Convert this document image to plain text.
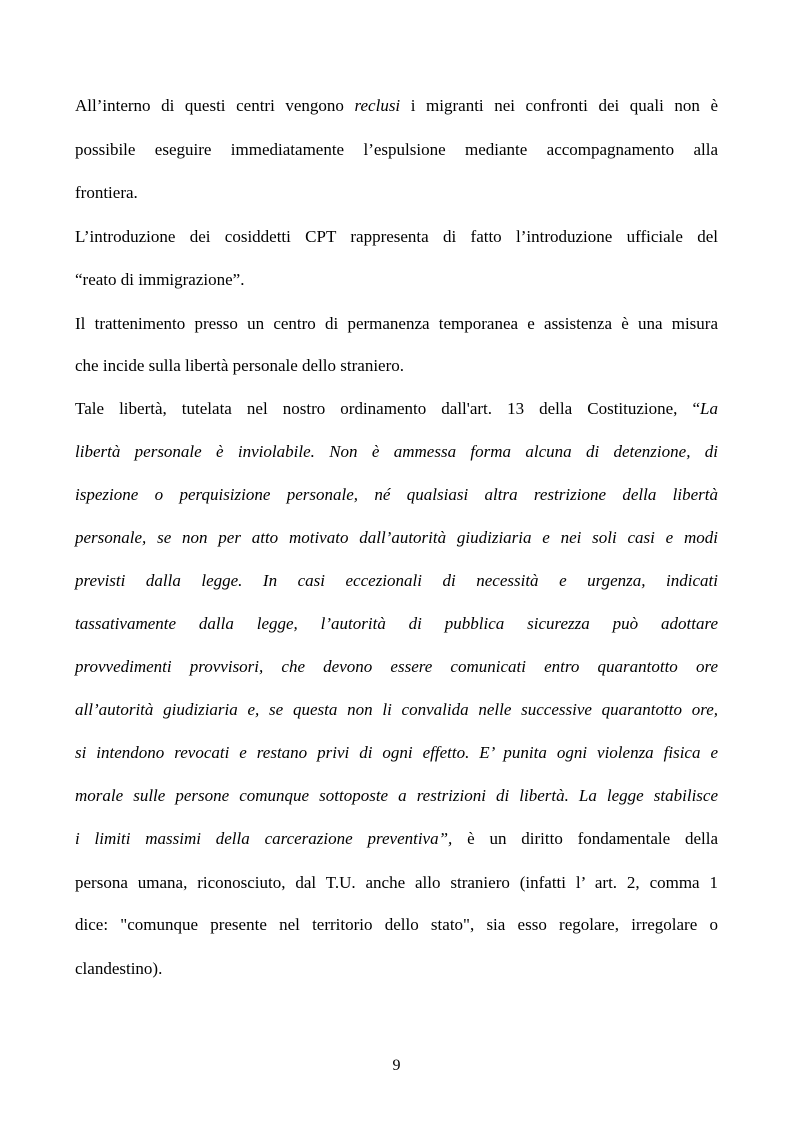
All’interno di questi centri vengono reclusi i migranti nei confronti dei quali non è
possibile eseguire immediatamente l’espulsione mediante accompagnamento alla
frontiera.
L’introduzione dei cosiddetti CPT rappresenta di fatto l’introduzione ufficiale del
“reato di immigrazione”.
Il trattenimento presso un centro di permanenza temporanea e assistenza è una misura
che incide sulla libertà personale dello straniero.
Tale libertà, tutelata nel nostro ordinamento dall'art. 13 della Costituzione, “La
libertà personale è inviolabile. Non è ammessa forma alcuna di detenzione, di
ispezione o perquisizione personale, né qualsiasi altra restrizione della libertà
personale, se non per atto motivato dall’autorità giudiziaria e nei soli casi e modi
previsti dalla legge. In casi eccezionali di necessità e urgenza, indicati
tassativamente dalla legge, l’autorità di pubblica sicurezza può adottare
provvedimenti provvisori, che devono essere comunicati entro quarantotto ore
all’autorità giudiziaria e, se questa non li convalida nelle successive quarantotto ore,
si intendono revocati e restano privi di ogni effetto. E’ punita ogni violenza fisica e
morale sulle persone comunque sottoposte a restrizioni di libertà. La legge stabilisce
i limiti massimi della carcerazione preventiva”, è un diritto fondamentale della
persona umana, riconosciuto, dal T.U. anche allo straniero (infatti l’ art. 2, comma 1
dice: "comunque presente nel territorio dello stato", sia esso regolare, irregolare o
clandestino).
9
